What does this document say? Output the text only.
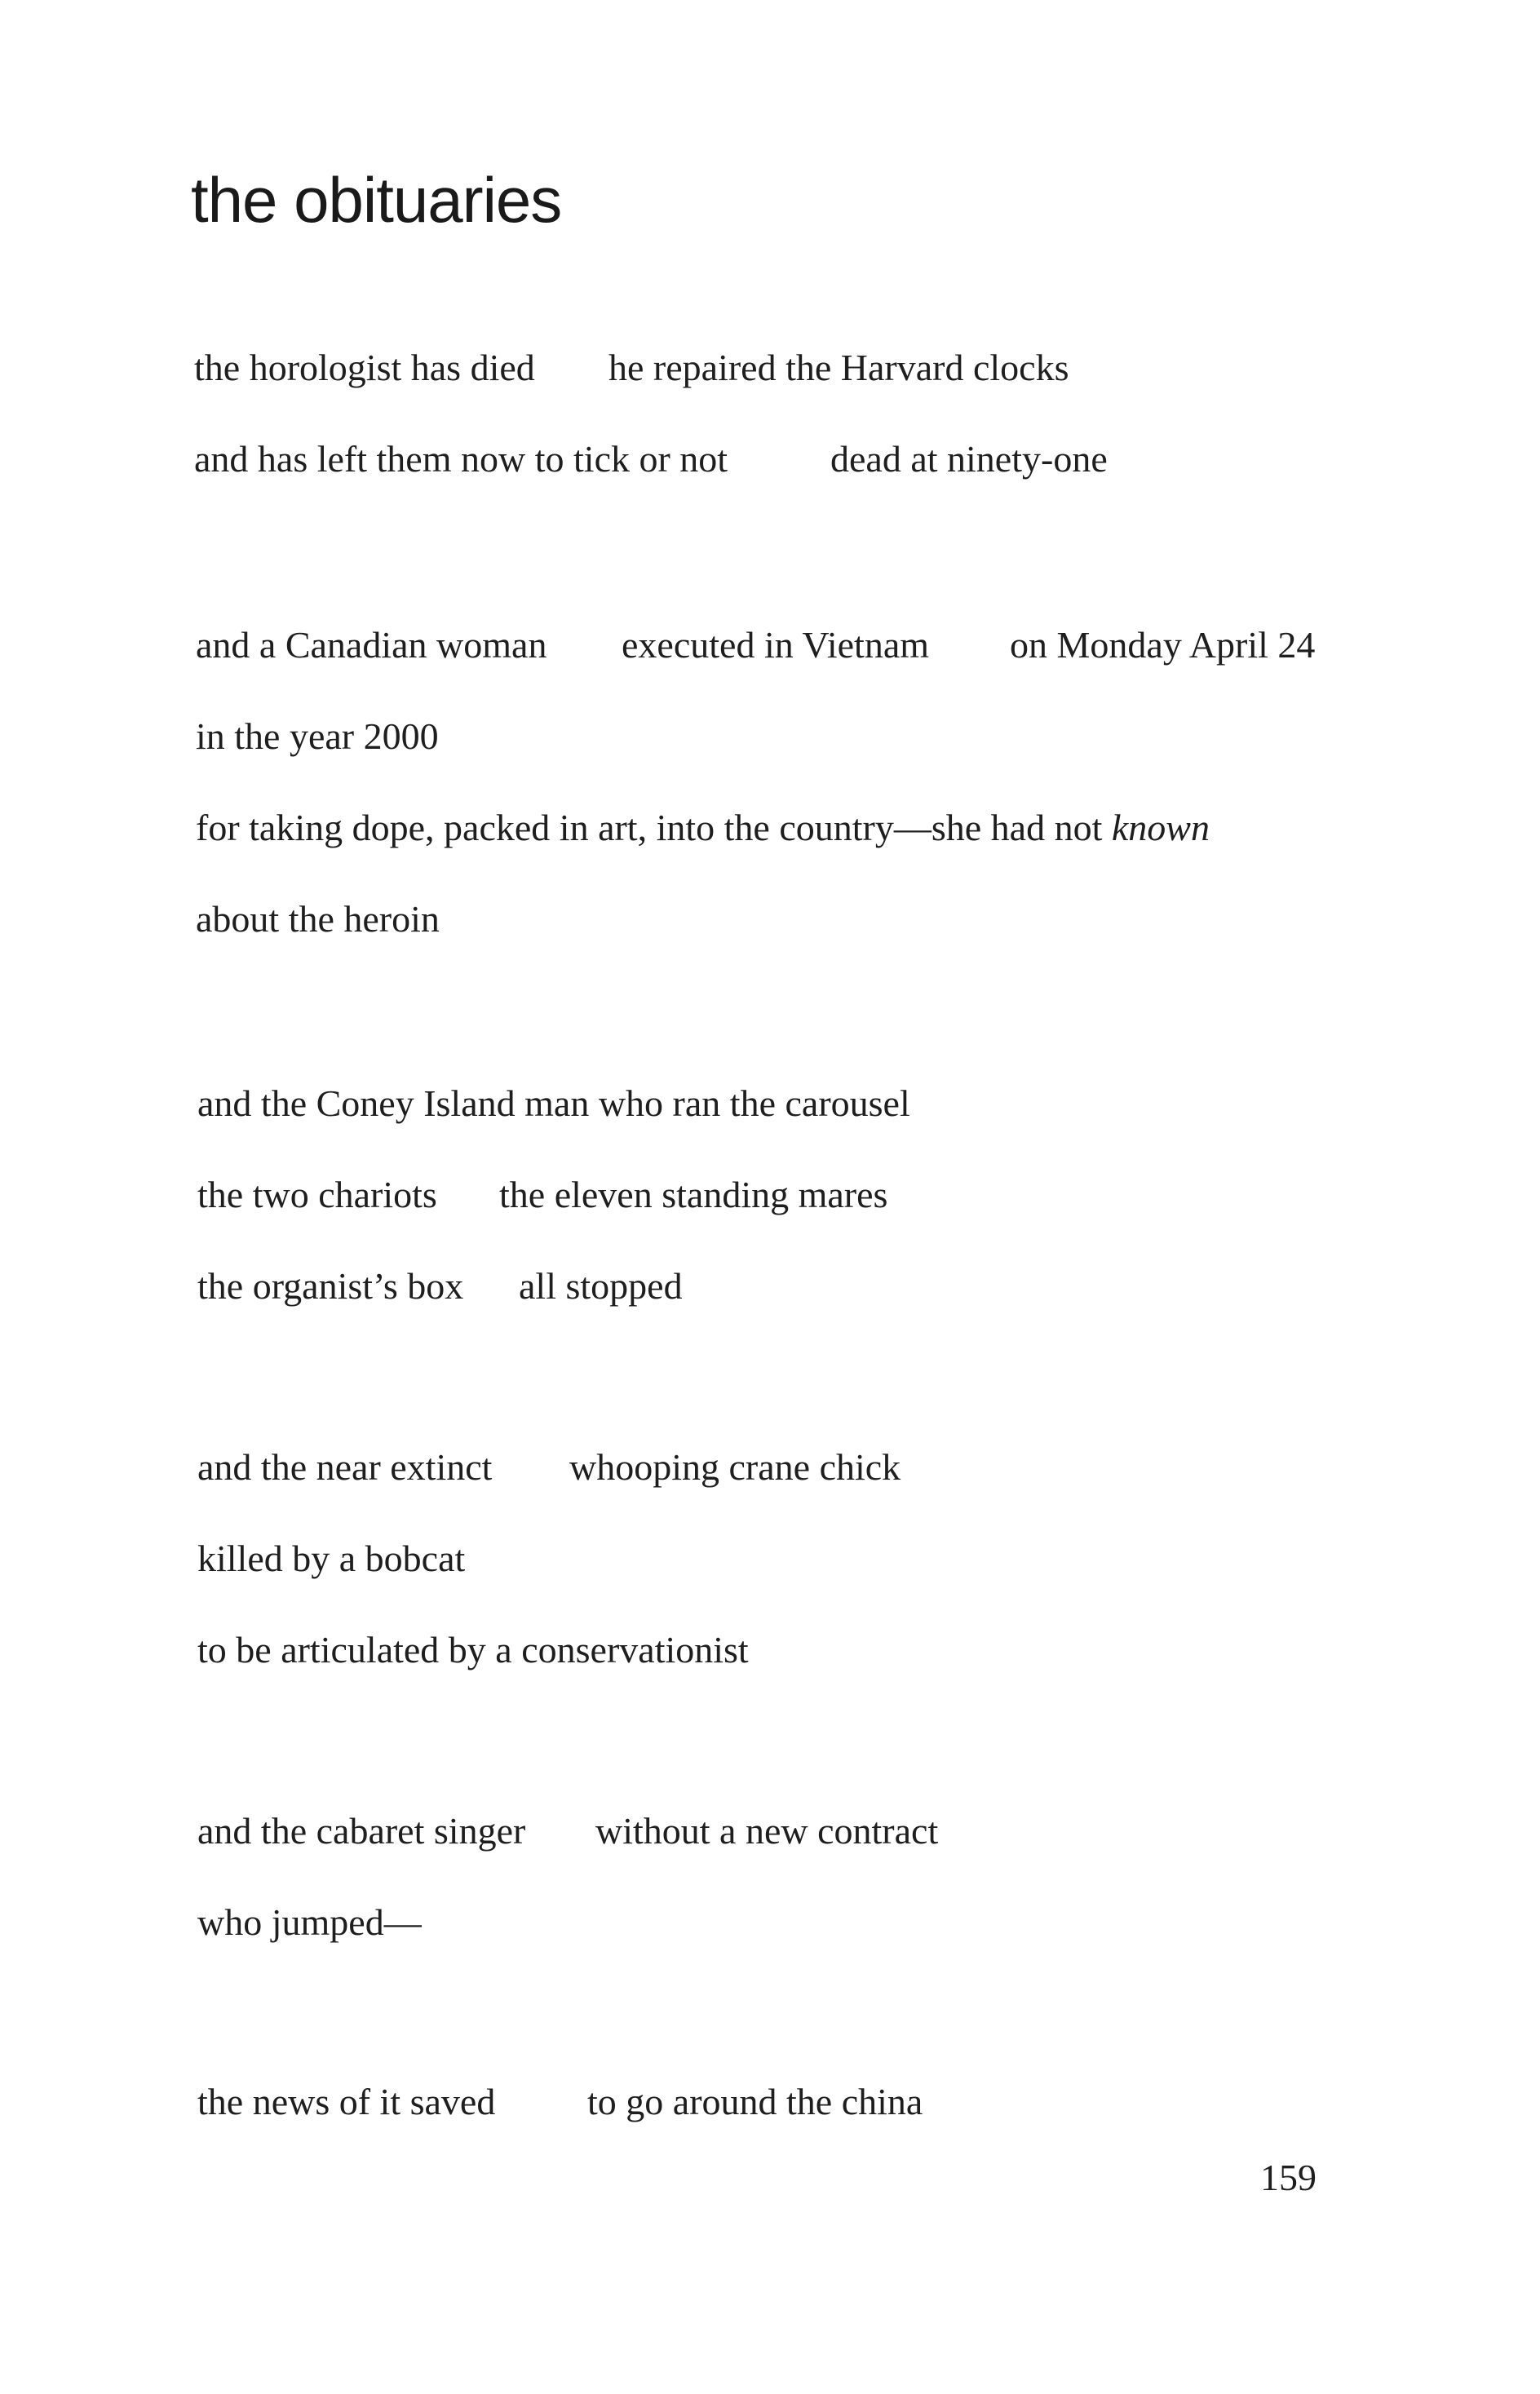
the obituaries
the horologist has died he repaired the Harvard clocks
and has left them now to tick or not	dead at ninety-one
and a Canadian woman executed in Vietnam on Monday April 24
in the year 2000
for taking dope, packed in art, into the country—she had not known
about the heroin
and the Coney Island man who ran the carousel
the two chariots the eleven standing mares
the organist’s box all stopped
and the near extinct whooping crane chick
killed by a bobcat
to be articulated by a conservationist
and the cabaret singer without a new contract
who jumped—
the news of it saved to go around the china
159
